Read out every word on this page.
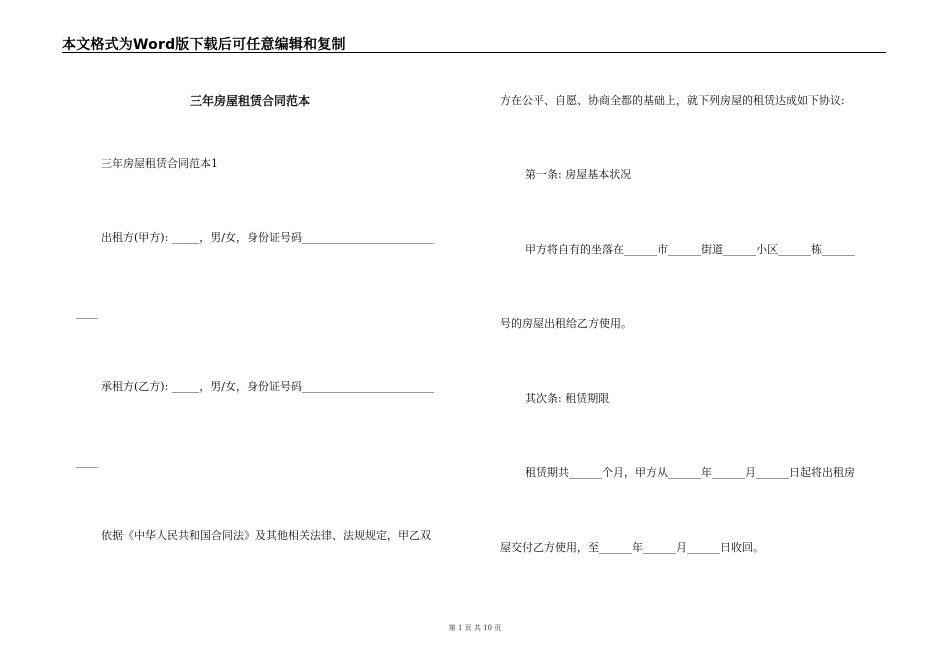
本文格式为Word版下载后可任意编辑和复制
三年房屋租赁合同范本
三年房屋租赁合同范本1
出租方(甲方): _____，男/女，身份证号码________________________
____
承租方(乙方): _____，男/女，身份证号码________________________
____
依据《中华人民共和国合同法》及其他相关法律、法规规定，甲乙双
方在公平、自愿、协商全都的基础上，就下列房屋的租赁达成如下协议:
第一条: 房屋基本状况
甲方将自有的坐落在______市______街道______小区______栋______
号的房屋出租给乙方使用。
其次条: 租赁期限
租赁期共______个月，甲方从______年______月______日起将出租房
屋交付乙方使用，至______年______月______日收回。
第 1 页 共 10 页
